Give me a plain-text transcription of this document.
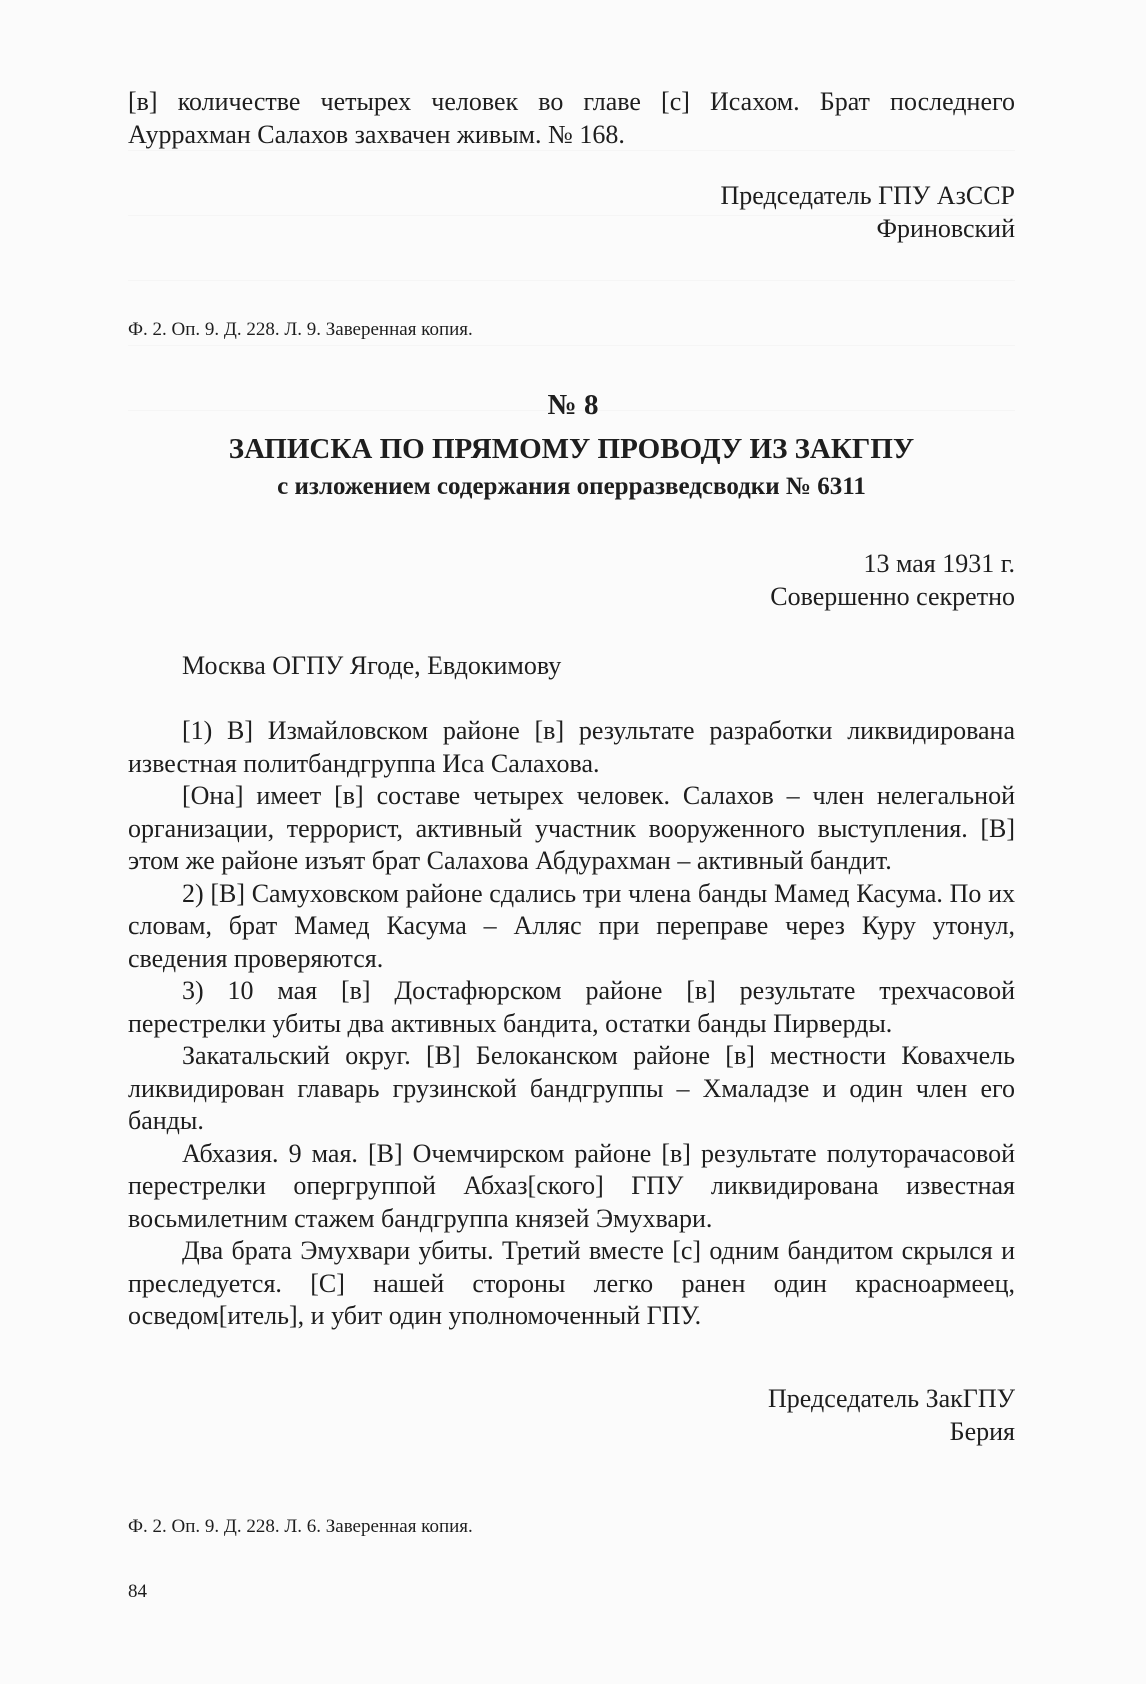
[в] количестве четырех человек во главе [с] Исахом. Брат последнего Ауррахман Салахов захвачен живым. № 168.

Председатель ГПУ АзССР

Фриновский

Ф. 2. Оп. 9. Д. 228. Л. 9. Заверенная копия.

№ 8

ЗАПИСКА ПО ПРЯМОМУ ПРОВОДУ ИЗ ЗАКГПУ

с изложением содержания оперразведсводки № 6311

13 мая 1931 г.

Совершенно секретно

Москва ОГПУ Ягоде, Евдокимову

[1) В] Измайловском районе [в] результате разработки ликвидирована известная политбандгруппа Иса Салахова.

[Она] имеет [в] составе четырех человек. Салахов – член нелегальной организации, террорист, активный участник вооруженного выступления. [В] этом же районе изъят брат Салахова Абдурахман – активный бандит.

2) [В] Самуховском районе сдались три члена банды Мамед Касума. По их словам, брат Мамед Касума – Алляс при переправе через Куру утонул, сведения проверяются.

3) 10 мая [в] Достафюрском районе [в] результате трехчасовой перестрелки убиты два активных бандита, остатки банды Пирверды.

Закатальский округ. [В] Белоканском районе [в] местности Ковахчель ликвидирован главарь грузинской бандгруппы – Хмаладзе и один член его банды.

Абхазия. 9 мая. [В] Очемчирском районе [в] результате полуторачасовой перестрелки опергруппой Абхаз[ского] ГПУ ликвидирована известная восьмилетним стажем бандгруппа князей Эмухвари.

Два брата Эмухвари убиты. Третий вместе [с] одним бандитом скрылся и преследуется. [С] нашей стороны легко ранен один красноармеец, осведом[итель], и убит один уполномоченный ГПУ.

Председатель ЗакГПУ

Берия

Ф. 2. Оп. 9. Д. 228. Л. 6. Заверенная копия.

84
